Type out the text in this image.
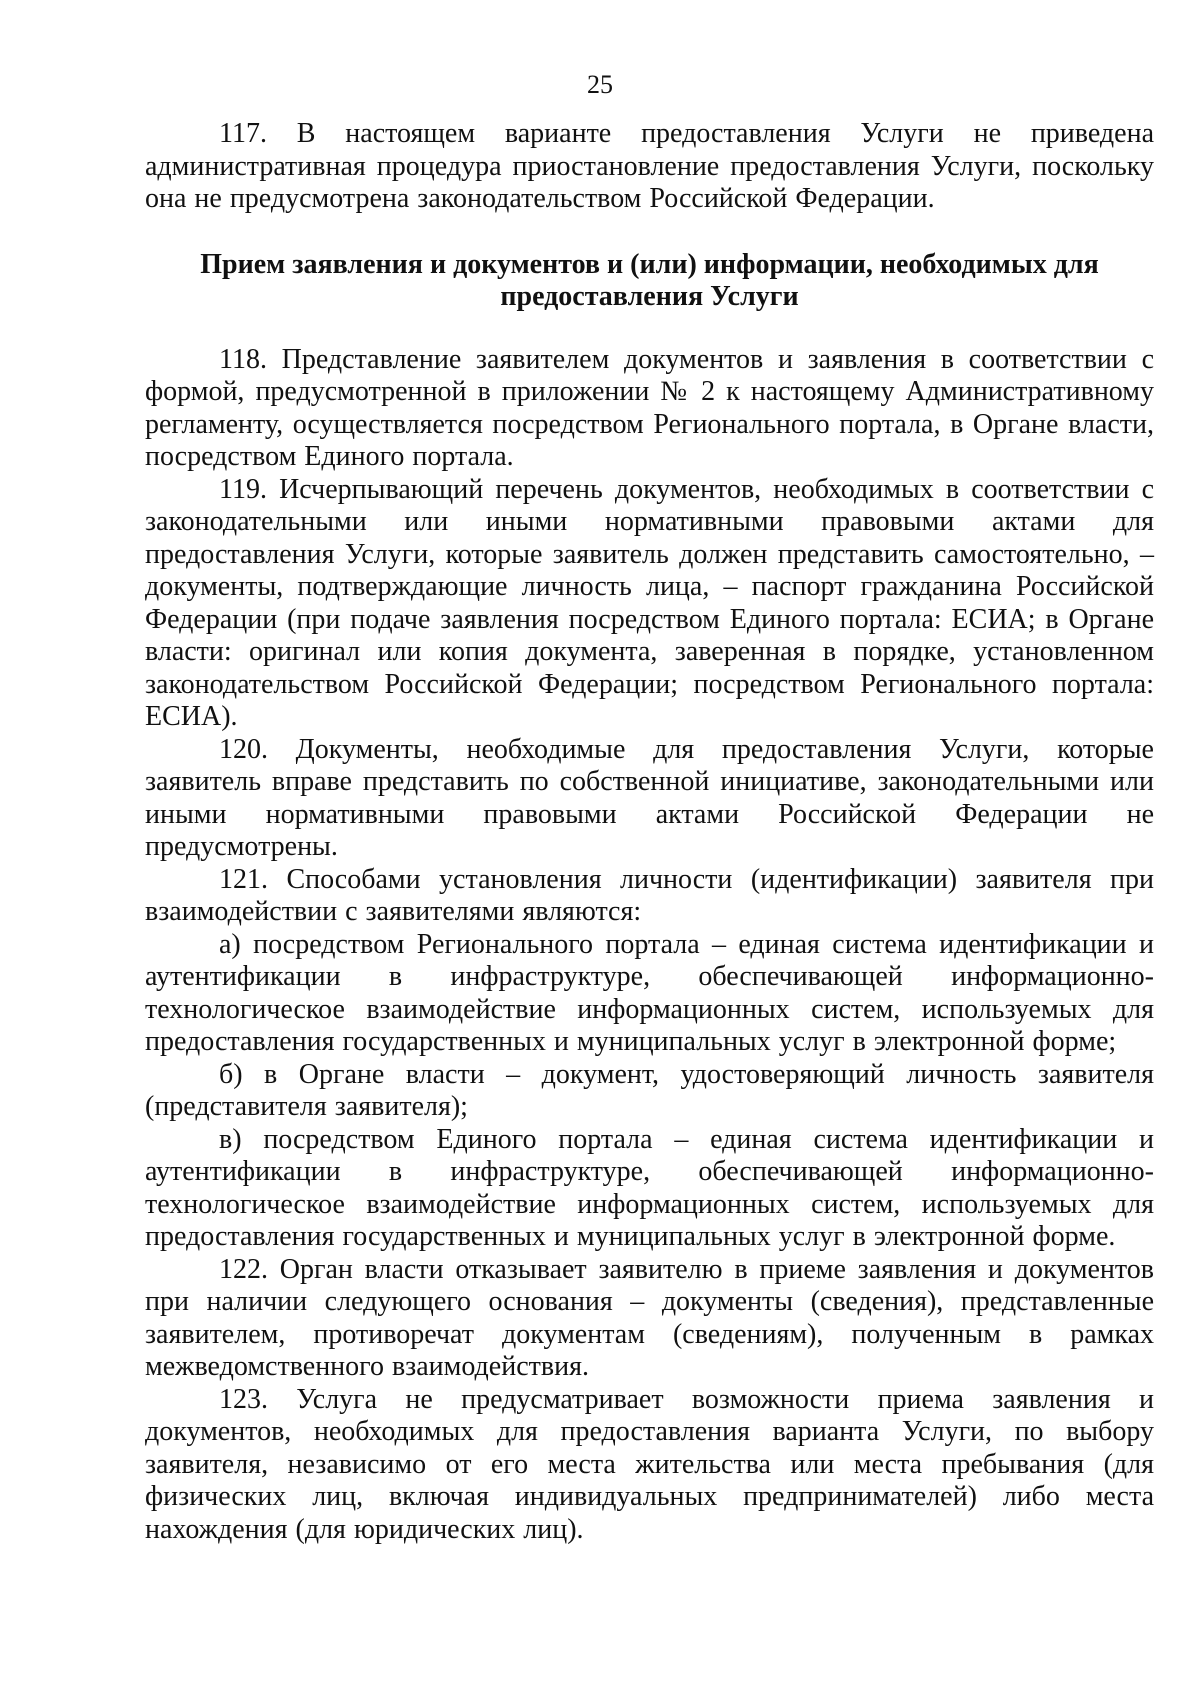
25

117. В настоящем варианте предоставления Услуги не приведена административная процедура приостановление предоставления Услуги, поскольку она не предусмотрена законодательством Российской Федерации.

Прием заявления и документов и (или) информации, необходимых для
предоставления Услуги

118. Представление заявителем документов и заявления в соответствии с формой, предусмотренной в приложении № 2 к настоящему Административному регламенту, осуществляется посредством Регионального портала, в Органе власти, посредством Единого портала.

119. Исчерпывающий перечень документов, необходимых в соответствии с законодательными или иными нормативными правовыми актами для предоставления Услуги, которые заявитель должен представить самостоятельно, – документы, подтверждающие личность лица, – паспорт гражданина Российской Федерации (при подаче заявления посредством Единого портала: ЕСИА; в Органе власти: оригинал или копия документа, заверенная в порядке, установленном законодательством Российской Федерации; посредством Регионального портала: ЕСИА).

120. Документы, необходимые для предоставления Услуги, которые заявитель вправе представить по собственной инициативе, законодательными или иными нормативными правовыми актами Российской Федерации не предусмотрены.

121. Способами установления личности (идентификации) заявителя при взаимодействии с заявителями являются:

а) посредством Регионального портала – единая система идентификации и аутентификации в инфраструктуре, обеспечивающей информационно-технологическое взаимодействие информационных систем, используемых для предоставления государственных и муниципальных услуг в электронной форме;

б) в Органе власти – документ, удостоверяющий личность заявителя (представителя заявителя);

в) посредством Единого портала – единая система идентификации и аутентификации в инфраструктуре, обеспечивающей информационно-технологическое взаимодействие информационных систем, используемых для предоставления государственных и муниципальных услуг в электронной форме.

122. Орган власти отказывает заявителю в приеме заявления и документов при наличии следующего основания – документы (сведения), представленные заявителем, противоречат документам (сведениям), полученным в рамках межведомственного взаимодействия.

123. Услуга не предусматривает возможности приема заявления и документов, необходимых для предоставления варианта Услуги, по выбору заявителя, независимо от его места жительства или места пребывания (для физических лиц, включая индивидуальных предпринимателей) либо места нахождения (для юридических лиц).
